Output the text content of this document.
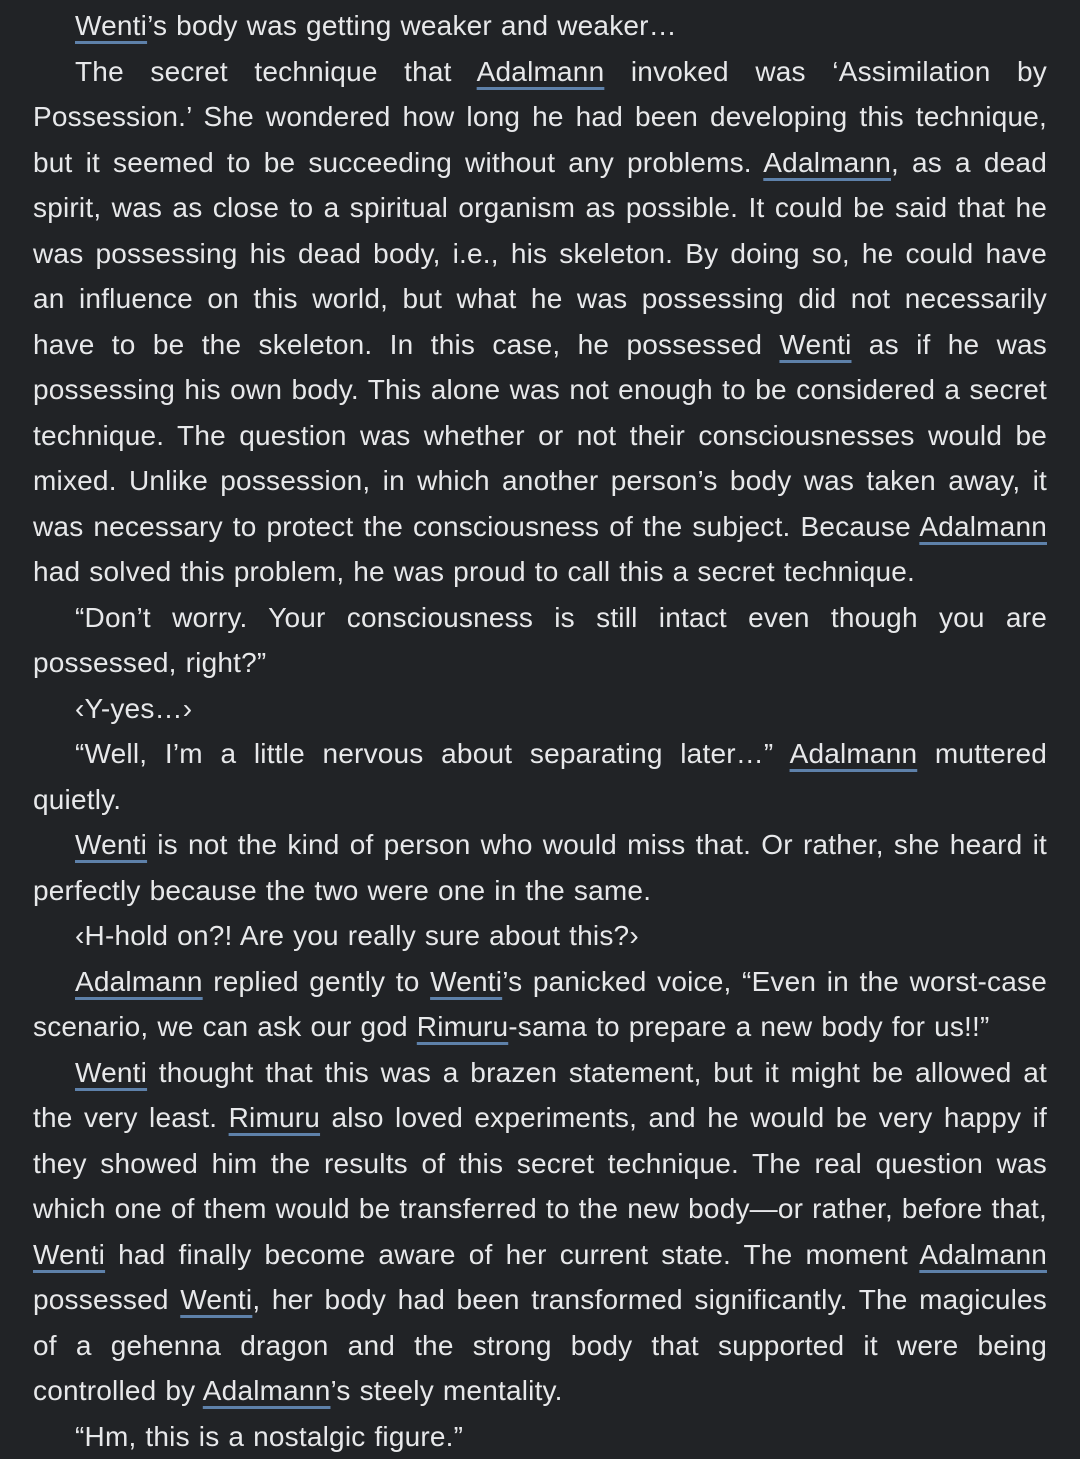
Wenti’s body was getting weaker and weaker…

The secret technique that Adalmann invoked was ‘Assimilation by Possession.’ She wondered how long he had been developing this technique, but it seemed to be succeeding without any problems. Adalmann, as a dead spirit, was as close to a spiritual organism as possible. It could be said that he was possessing his dead body, i.e., his skeleton. By doing so, he could have an influence on this world, but what he was possessing did not necessarily have to be the skeleton. In this case, he possessed Wenti as if he was possessing his own body. This alone was not enough to be considered a secret technique. The question was whether or not their consciousnesses would be mixed. Unlike possession, in which another person’s body was taken away, it was necessary to protect the consciousness of the subject. Because Adalmann had solved this problem, he was proud to call this a secret technique.

“Don’t worry. Your consciousness is still intact even though you are possessed, right?”

‹Y-yes…›

“Well, I’m a little nervous about separating later…” Adalmann muttered quietly.

Wenti is not the kind of person who would miss that. Or rather, she heard it perfectly because the two were one in the same.

‹H-hold on?! Are you really sure about this?›

Adalmann replied gently to Wenti’s panicked voice, “Even in the worst-case scenario, we can ask our god Rimuru-sama to prepare a new body for us!!”

Wenti thought that this was a brazen statement, but it might be allowed at the very least. Rimuru also loved experiments, and he would be very happy if they showed him the results of this secret technique. The real question was which one of them would be transferred to the new body—or rather, before that, Wenti had finally become aware of her current state. The moment Adalmann possessed Wenti, her body had been transformed significantly. The magicules of a gehenna dragon and the strong body that supported it were being controlled by Adalmann’s steely mentality.

“Hm, this is a nostalgic figure.”
